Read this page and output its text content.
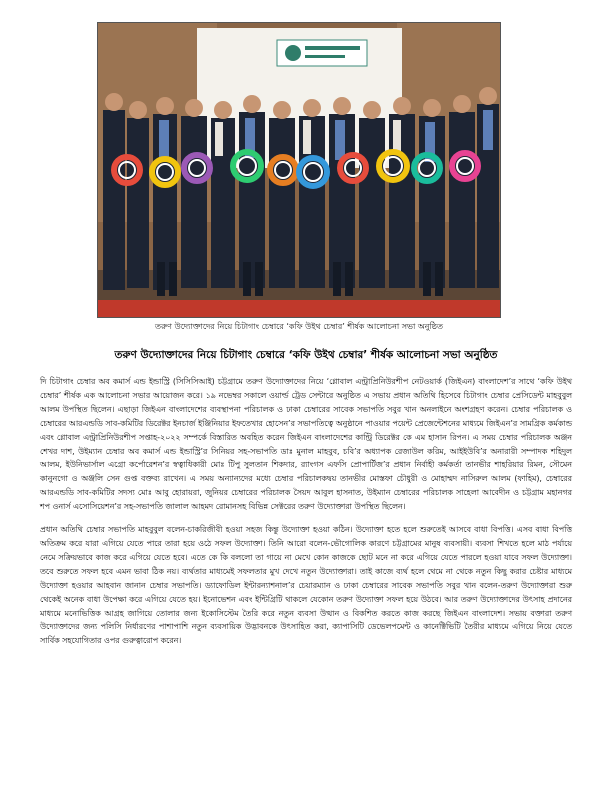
তরুণ উদ্যোক্তাদের নিয়ে চিটাগাং চেম্বারে ‘কফি উইথ চেম্বার’ শীর্ষক আলোচনা সভা অনুষ্ঠিত
তরুণ উদ্যোক্তাদের নিয়ে চিটাগাং চেম্বারে ‘কফি উইথ চেম্বার’ শীর্ষক আলোচনা সভা অনুষ্ঠিত

দি চিটাগাং চেম্বার অব কমার্স এন্ড ইন্ডাস্ট্রি (সিসিসিআই) চট্টগ্রামে তরুণ উদ্যোক্তাদের নিয়ে ‘গ্লোবাল এন্ট্রাপ্রিনিউরশীপ নেটওয়ার্ক (জিইএন) বাংলাদেশ’র সাথে ‘কফি উইথ চেম্বার’ শীর্ষক এক আলোচনা সভার আয়োজন করে। ১৯ নভেম্বর সকালে ওয়ার্ল্ড ট্রেড সেন্টারে অনুষ্ঠিত এ সভায় প্রধান অতিথি হিসেবে চিটাগাং চেম্বার প্রেসিডেন্ট মাহবুবুল আলম উপস্থিত ছিলেন। এছাড়া জিইএন বাংলাদেশের ব্যবস্থাপনা পরিচালক ও ঢাকা চেম্বারের সাবেক সভাপতি সবুর খান অনলাইনে অংশগ্রহণ করেন। চেম্বার পরিচালক ও চেম্বারের আরএন্ডডি সাব-কমিটির ডিরেক্টর ইনচার্জ ইঞ্জিনিয়ার ইফতেখার হোসেন’র সভাপতিত্বে অনুষ্ঠানে পাওয়ার পয়েন্ট প্রেজেন্টেশনের মাধ্যমে জিইএন’র সামগ্রিক কর্মকান্ড এবং গ্লোবাল এন্ট্রাপ্রিনিউরশীপ সপ্তাহ-২০২২ সম্পর্কে বিস্তারিত অবহিত করেন জিইএন বাংলাদেশের কান্ট্রি ডিরেক্টর কে এম হাসান রিপন। এ সময় চেম্বার পরিচালক অঞ্জন শেখর দাশ, উইম্যান চেম্বার অব কমার্স এন্ড ইন্ডাস্ট্রি’র সিনিয়র সহ-সভাপতি ডাঃ মুনাল মাহবুব, চবি’র অধ্যাপক রেজাউল করিম, আইইউবি’র অনারারী সম্পাদক শহিদুল আলম, ইউনিভার্সাল এগ্রো কর্পোরেশন’র স্বত্বাধিকারী মোঃ টিপু সুলতান শিকদার, র‍্যাংগস এফসি প্রোপার্টিজ’র প্রধান নির্বাহী কর্মকর্তা তানভীর শাহরিয়ার রিমন, সৌমেন কানুনগো ও অঞ্জলি সেন গুপ্ত বক্তব্য রাখেন। এ সময় অন্যান্যদের মধ্যে চেম্বার পরিচালকদ্বয় তানভীর মোস্তফা চৌধুরী ও মোহাম্মদ নাসিরুল আলম (ফাহিম), চেম্বারের আরএন্ডডি সাব-কমিটির সদস্য মোঃ আবু হোরায়রা, জুনিয়র চেম্বারের পরিচালক সৈয়দ আবুল হাসনাত, উইম্যান চেম্বারের পরিচালক সাহেলা আবেদীন ও চট্টগ্রাম মহানগর শপ ওনার্স এসোসিয়েশন’র সহ-সভাপতি জালাল আহমদ রোমানসহ বিভিন্ন সেক্টরের তরুণ উদ্যোক্তারা উপস্থিত ছিলেন।

প্রধান অতিথি চেম্বার সভাপতি মাহবুবুল বলেন-চাকরিজীবী হওয়া সহজ কিন্তু উদ্যোক্তা হওয়া কঠিন। উদ্যোক্তা হতে হলে শুরুতেই আসবে বাধা বিপত্তি। এসব বাধা বিপত্তি অতিক্রম করে যারা এগিয়ে যেতে পারে তারা হয়ে ওঠে সফল উদ্যোক্তা। তিনি আরো বলেন-ভৌগোলিক কারণে চট্টগ্রামের মানুষ ব্যবসায়ী। ব্যবসা শিখতে হলে মাঠ পর্যায়ে নেমে সক্রিয়ভাবে কাজ করে এগিয়ে যেতে হবে। এতে কে কি বললো তা গায়ে না মেখে কোন কাজকে ছোট মনে না করে এগিয়ে যেতে পারলে হওয়া যাবে সফল উদ্যোক্তা। তবে শুরুতে সফল হবে এমন ভাবা ঠিক নয়। ব্যর্থতার মাধ্যমেই সফলতার মুখ দেখে নতুন উদ্যোক্তারা। তাই কাজে ব্যর্থ হলে থেমে না থেকে নতুন কিছু করার চেষ্টার মাধ্যমে উদ্যোক্তা হওয়ার আহবান জানান চেম্বার সভাপতি। ড্যাফোডিল ইন্টারন্যাশনাল’র চেয়ারম্যান ও ঢাকা চেম্বারের সাবেক সভাপতি সবুর খান বলেন-তরুণ উদ্যোক্তারা শুরু থেকেই অনেক বাধা উপেক্ষা করে এগিয়ে যেতে হয়। ইনোভেশন এবং ইন্টিগ্রিটি থাকলে যেকোন তরুণ উদ্যোক্তা সফল হয়ে উঠবে। আর তরুণ উদ্যোক্তাদের উৎসাহ প্রদানের মাধ্যমে মনোভিত্তিক আগ্রহ জাগিয়ে তোলার জন্য ইকোসিস্টেম তৈরি করে নতুন ব্যবসা উত্থান ও বিকশিত করতে কাজ করছে জিইএন বাংলাদেশ। সভায় বক্তারা তরুণ উদ্যোক্তাদের জন্য পলিসি নির্ধারণের পাশাপাশি নতুন ব্যবসায়িক উদ্ভাবনকে উৎসাহিত করা, ক্যাপাসিটি ডেভেলপমেন্ট ও কানেক্টিভিটি তৈরীর মাধ্যমে এগিয়ে নিয়ে যেতে সার্বিক সহযোগিতার ওপর গুরুত্বারোপ করেন।
